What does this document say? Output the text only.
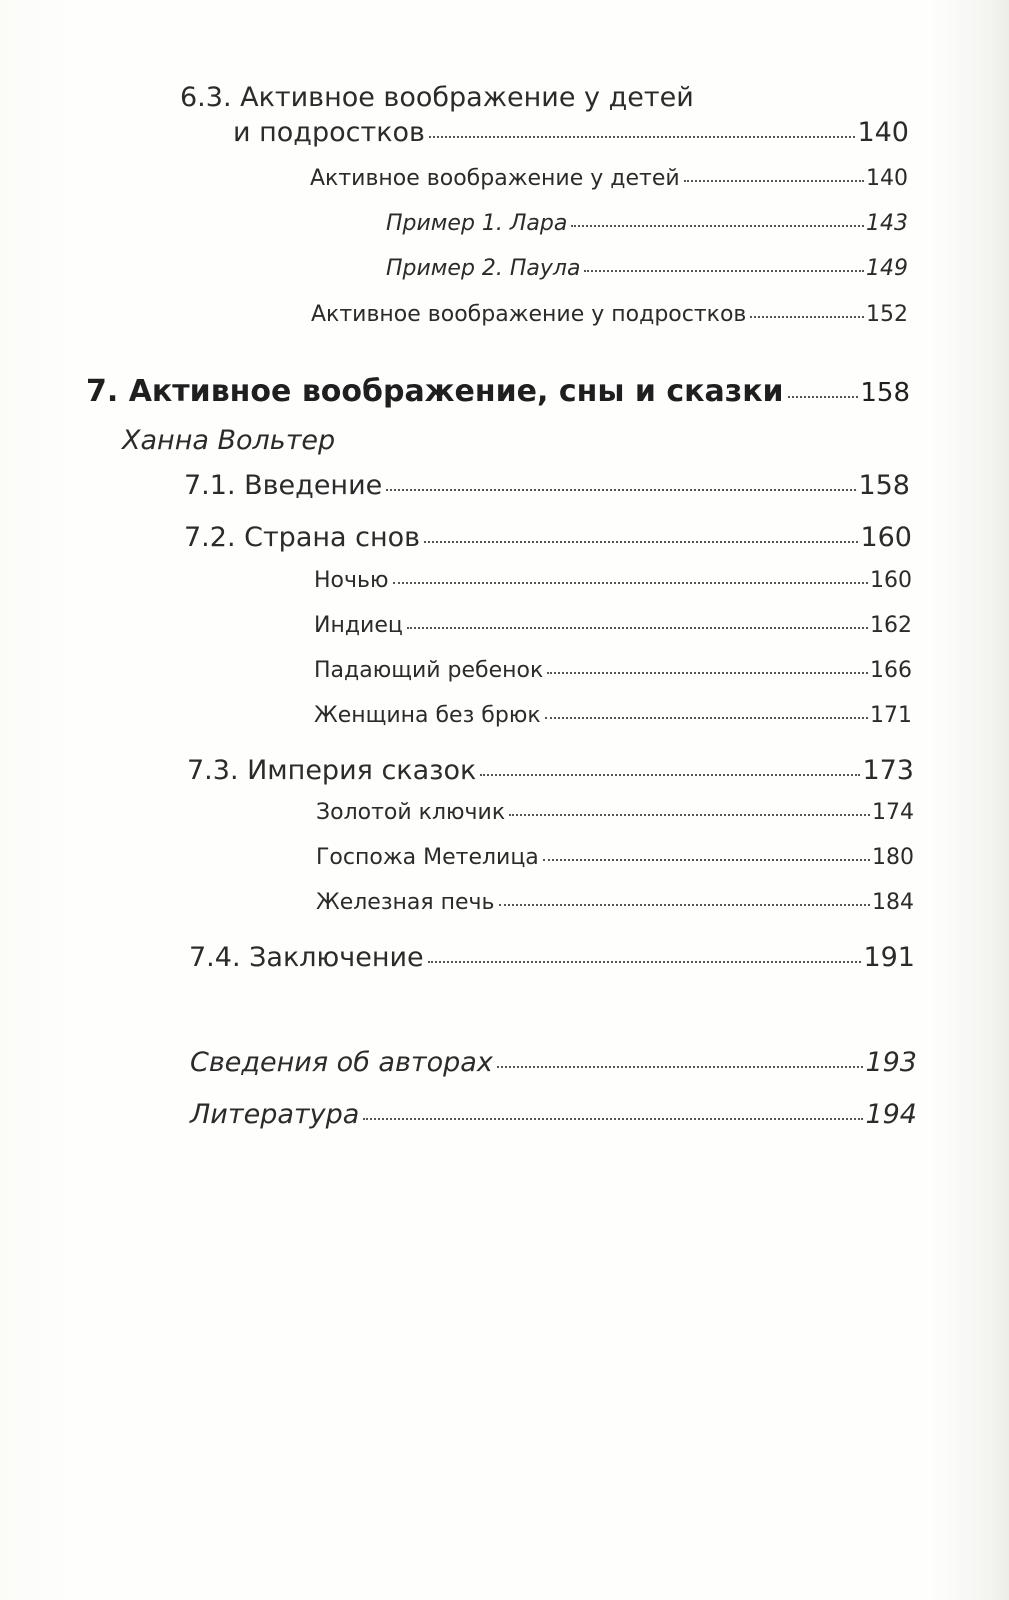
6.3. Активное воображение у детей
и подростков	140
Активное воображение у детей	140
Пример 1. Лара	143
Пример 2. Паула	149
Активное воображение у подростков	152
7. Активное воображение, сны и сказки	158
Ханна Вольтер
7.1. Введение	158
7.2. Страна снов	160
Ночью	160
Индиец	162
Падающий ребенок	166
Женщина без брюк	171
7.3. Империя сказок	173
Золотой ключик	174
Госпожа Метелица	180
Железная печь	184
7.4. Заключение	191
Сведения об авторах	193
Литература	194
